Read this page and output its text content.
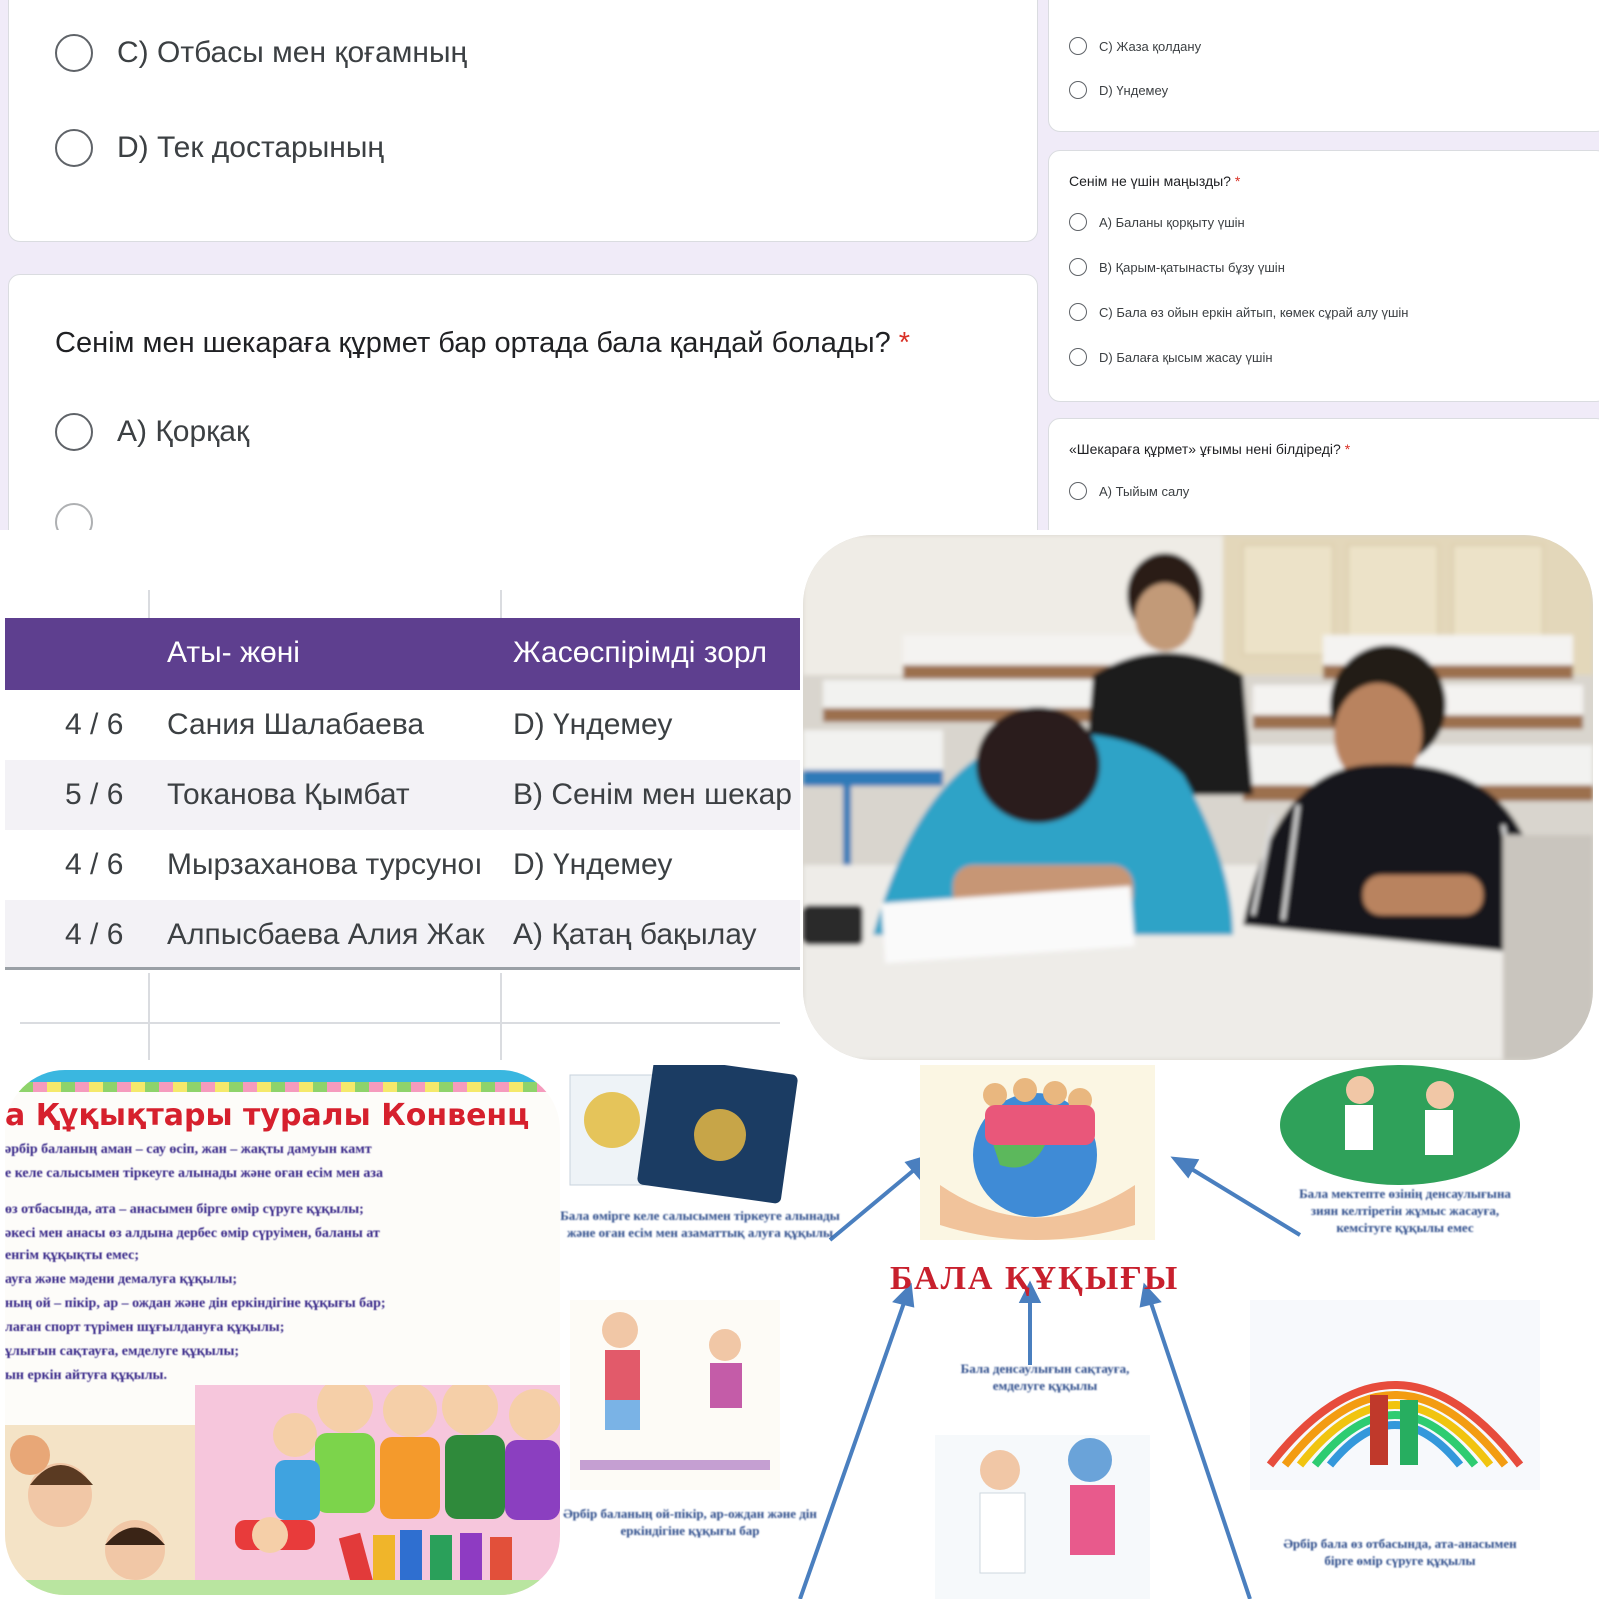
C) Отбасы мен қоғамның
D) Тек достарының
Сенім мен шекараға құрмет бар ортада бала қандай болады? *
A) Қорқақ
C) Жаза қолдану
D) Үндемеу
Сенім не үшін маңызды? *
A) Баланы қорқыту үшін
B) Қарым-қатынасты бұзу үшін
C) Бала өз ойын еркін айтып, көмек сұрай алу үшін
D) Балаға қысым жасау үшін
«Шекараға құрмет» ұғымы нені білдіреді? *
A) Тыйым салу
Аты- жөні	Жасөспірімді зорл
4 / 6 Сания Шалабаева	D) Үндемеу
5 / 6 Токанова Қымбат	B) Сенім мен шекар
4 / 6 Мырзаханова турсунoı	D) Үндемеу
4 / 6 Алпысбаева Алия Жак A) Қатаң бақылау
а Құқықтары туралы Конвенц
әрбір баланың аман – сау өсіп, жан – жақты дамуын камт
е келе салысымен тіркеуге алынады және оған есім мен аза
өз отбасында, ата – анасымен бірге өмір сүруге құқылы;
әкесі мен анасы өз алдына дербес өмір сүруімен, баланы ат
енгім құқықты емес;
ауға және мәдени демалуға құқылы;
ның ой – пікір, ар – ождан және дін еркіндігіне құқығы бар;
лаған спорт түрімен шұғылдануға құқылы;
ұлығын сақтауға, емделуге құқылы;
ын еркін айтуға құқылы.
БАЛА ҚҰҚЫҒЫ
Бала өмірге келе салысымен тіркеуге алынады және оған есім мен азаматтық алуға құқылы
Бала мектепте өзінің денсаулығына зиян келтіретін жұмыс жасауға, кемсітуге құқылы емес
Бала денсаулығын сақтауға, емделуге құқылы
Әрбір баланың ой-пікір, ар-ождан және дін еркіндігіне құқығы бар
Әрбір бала өз отбасында, ата-анасымен бірге өмір сүруге құқылы
